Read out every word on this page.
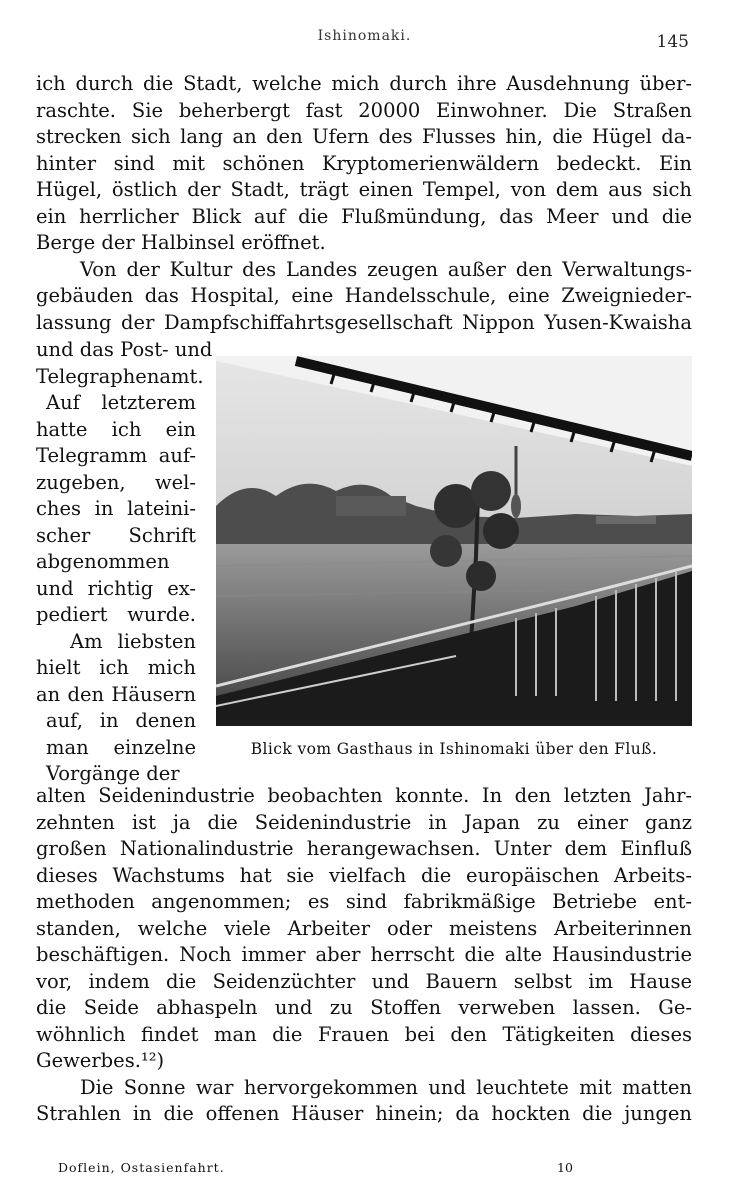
Ishinomaki.	145
ich durch die Stadt, welche mich durch ihre Ausdehnung über-
raschte. Sie beherbergt fast 20000 Einwohner. Die Straßen
strecken sich lang an den Ufern des Flusses hin, die Hügel da-
hinter sind mit schönen Kryptomerienwäldern bedeckt. Ein
Hügel, östlich der Stadt, trägt einen Tempel, von dem aus sich
ein herrlicher Blick auf die Flußmündung, das Meer und die
Berge der Halbinsel eröffnet.
Von der Kultur des Landes zeugen außer den Verwaltungs-
gebäuden das Hospital, eine Handelsschule, eine Zweignieder-
lassung der Dampfschiffahrtsgesellschaft Nippon Yusen-Kwaisha
und das Post- und
Telegraphenamt.
Auf letzterem
hatte ich ein
Telegramm auf-
zugeben, wel-
ches in lateini-
scher Schrift
abgenommen
und richtig ex-
pediert wurde.
Am liebsten
hielt ich mich
an den Häusern
auf, in denen
man einzelne
Vorgänge der
Blick vom Gasthaus in Ishinomaki über den Fluß.
alten Seidenindustrie beobachten konnte. In den letzten Jahr-
zehnten ist ja die Seidenindustrie in Japan zu einer ganz
großen Nationalindustrie herangewachsen. Unter dem Einfluß
dieses Wachstums hat sie vielfach die europäischen Arbeits-
methoden angenommen; es sind fabrikmäßige Betriebe ent-
standen, welche viele Arbeiter oder meistens Arbeiterinnen
beschäftigen. Noch immer aber herrscht die alte Hausindustrie
vor, indem die Seidenzüchter und Bauern selbst im Hause
die Seide abhaspeln und zu Stoffen verweben lassen. Ge-
wöhnlich findet man die Frauen bei den Tätigkeiten dieses
Gewerbes.¹²)
Die Sonne war hervorgekommen und leuchtete mit matten
Strahlen in die offenen Häuser hinein; da hockten die jungen
Doflein, Ostasienfahrt.	10
